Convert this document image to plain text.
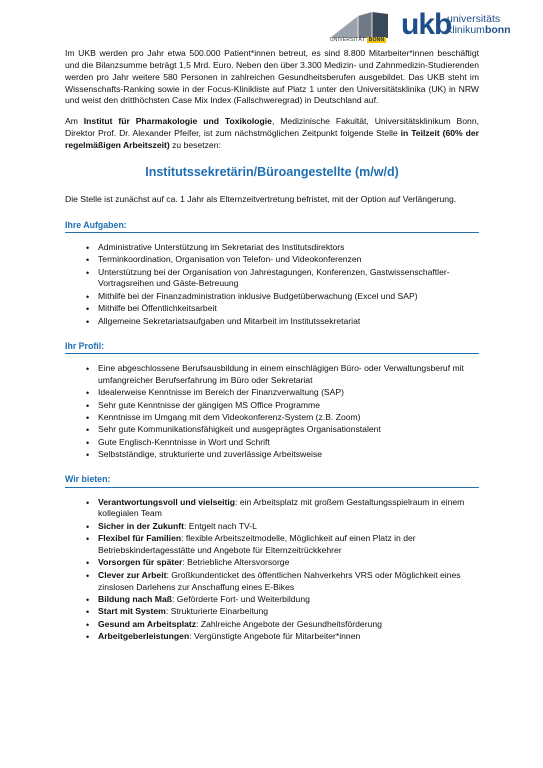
UNIVERSITÄT BONN ukb
universitäts
klinikumbonn

Im UKB werden pro Jahr etwa 500.000 Patient*innen betreut, es sind 8.800 Mitarbeiter*innen beschäftigt und die Bilanzsumme beträgt 1,5 Mrd. Euro. Neben den über 3.300 Medizin- und Zahnmedizin-Studierenden werden pro Jahr weitere 580 Personen in zahlreichen Gesundheitsberufen ausgebildet. Das UKB steht im Wissenschafts-Ranking sowie in der Focus-Klinikliste auf Platz 1 unter den Universitätsklinika (UK) in NRW und weist den dritthöchsten Case Mix Index (Fallschweregrad) in Deutschland auf.

Am Institut für Pharmakologie und Toxikologie, Medizinische Fakultät, Universitätsklinikum Bonn, Direktor Prof. Dr. Alexander Pfeifer, ist zum nächstmöglichen Zeitpunkt folgende Stelle in Teilzeit (60% der regelmäßigen Arbeitszeit) zu besetzen:

Institutssekretärin/Büroangestellte (m/w/d)

Die Stelle ist zunächst auf ca. 1 Jahr als Elternzeitvertretung befristet, mit der Option auf Verlängerung.

Ihre Aufgaben:
• Administrative Unterstützung im Sekretariat des Institutsdirektors
• Terminkoordination, Organisation von Telefon- und Videokonferenzen
• Unterstützung bei der Organisation von Jahrestagungen, Konferenzen, Gastwissenschaftler-Vortragsreihen und Gäste-Betreuung
• Mithilfe bei der Finanzadministration inklusive Budgetüberwachung (Excel und SAP)
• Mithilfe bei Öffentlichkeitsarbeit
• Allgemeine Sekretariatsaufgaben und Mitarbeit im Institutssekretariat
Ihr Profil:
• Eine abgeschlossene Berufsausbildung in einem einschlägigen Büro- oder Verwaltungsberuf mit umfangreicher Berufserfahrung im Büro oder Sekretariat
• Idealerweise Kenntnisse im Bereich der Finanzverwaltung (SAP)
• Sehr gute Kenntnisse der gängigen MS Office Programme
• Kenntnisse im Umgang mit dem Videokonferenz-System (z.B. Zoom)
• Sehr gute Kommunikationsfähigkeit und ausgeprägtes Organisationstalent
• Gute Englisch-Kenntnisse in Wort und Schrift
• Selbstständige, strukturierte und zuverlässige Arbeitsweise
Wir bieten:
• Verantwortungsvoll und vielseitig: ein Arbeitsplatz mit großem Gestaltungsspielraum in einem kollegialen Team
• Sicher in der Zukunft: Entgelt nach TV-L
• Flexibel für Familien: flexible Arbeitszeitmodelle, Möglichkeit auf einen Platz in der Betriebskindertagesstätte und Angebote für Elternzeitrückkehrer
• Vorsorgen für später: Betriebliche Altersvorsorge
• Clever zur Arbeit: Großkundenticket des öffentlichen Nahverkehrs VRS oder Möglichkeit eines zinslosen Darlehens zur Anschaffung eines E-Bikes
• Bildung nach Maß: Geförderte Fort- und Weiterbildung
• Start mit System: Strukturierte Einarbeitung
• Gesund am Arbeitsplatz: Zahlreiche Angebote der Gesundheitsförderung
• Arbeitgeberleistungen: Vergünstigte Angebote für Mitarbeiter*innen
